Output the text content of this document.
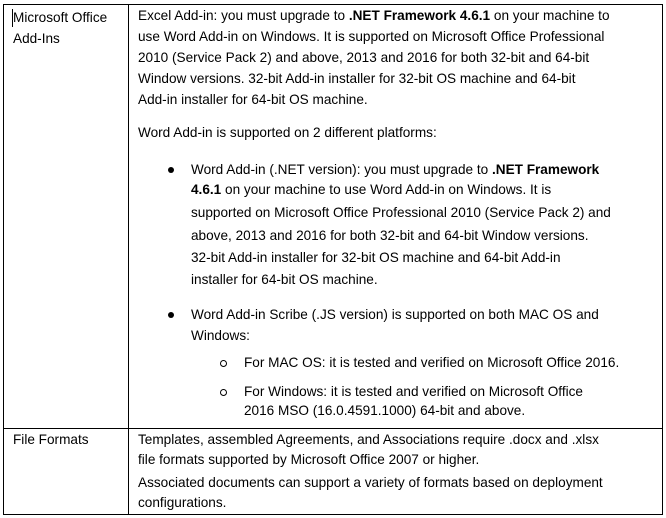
Microsoft Office
Add-Ins
Excel Add-in: you must upgrade to .NET Framework 4.6.1 on your machine to
use Word Add-in on Windows. It is supported on Microsoft Office Professional
2010 (Service Pack 2) and above, 2013 and 2016 for both 32-bit and 64-bit
Window versions. 32-bit Add-in installer for 32-bit OS machine and 64-bit
Add-in installer for 64-bit OS machine.
Word Add-in is supported on 2 different platforms:
Word Add-in (.NET version): you must upgrade to .NET Framework
4.6.1 on your machine to use Word Add-in on Windows. It is
supported on Microsoft Office Professional 2010 (Service Pack 2) and
above, 2013 and 2016 for both 32-bit and 64-bit Window versions.
32-bit Add-in installer for 32-bit OS machine and 64-bit Add-in
installer for 64-bit OS machine.
Word Add-in Scribe (.JS version) is supported on both MAC OS and
Windows:
For MAC OS: it is tested and verified on Microsoft Office 2016.
For Windows: it is tested and verified on Microsoft Office
2016 MSO (16.0.4591.1000) 64-bit and above.
File Formats	Templates, assembled Agreements, and Associations require .docx and .xlsx
file formats supported by Microsoft Office 2007 or higher.
Associated documents can support a variety of formats based on deployment
configurations.
